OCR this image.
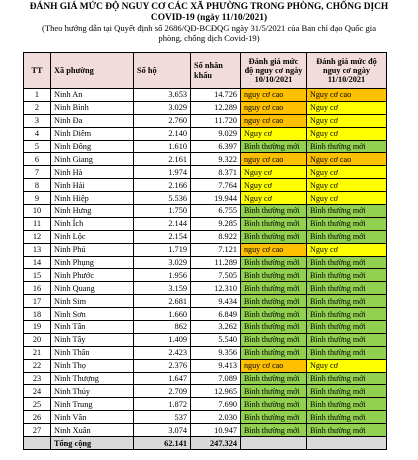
ĐÁNH GIÁ MỨC ĐỘ NGUY CƠ CÁC XÃ PHƯỜNG TRONG PHÒNG, CHỐNG DỊCH
COVID-19 (ngày 11/10/2021)
(Theo hướng dẫn tại Quyết định số 2686/QĐ-BCĐQG ngày 31/5/2021 của Ban chỉ đạo Quốc gia
phòng, chống dịch Covid-19)
TT	Xã phường	Số hộ	Số nhân khẩu	Đánh giá mức độ nguy cơ ngày 10/10/2021	Đánh giá mức độ nguy cơ ngày 11/10/2021
1	Ninh An	3.653	14.726	nguy cơ cao	Nguy cơ cao
2	Ninh Bình	3.029	12.289	nguy cơ cao	Nguy cơ
3	Ninh Đa	2.760	11.720	nguy cơ cao	Nguy cơ
4	Ninh Diêm	2.140	9.029	Nguy cơ	Nguy cơ
5	Ninh Đông	1.610	6.397	Bình thường mới	Bình thường mới
6	Ninh Giang	2.161	9.322	nguy cơ cao	Nguy cơ cao
7	Ninh Hà	1.974	8.371	Nguy cơ	Nguy cơ
8	Ninh Hải	2.166	7.764	Nguy cơ	Nguy cơ
9	Ninh Hiệp	5.536	19.944	Nguy cơ	Nguy cơ
10	Ninh Hưng	1.750	6.755	Bình thường mới	Bình thường mới
11	Ninh Ích	2.144	9.285	Bình thường mới	Bình thường mới
12	Ninh Lộc	2.154	8.922	Bình thường mới	Bình thường mới
13	Ninh Phú	1.719	7.121	nguy cơ cao	Nguy cơ
14	Ninh Phụng	3.029	11.289	Bình thường mới	Bình thường mới
15	Ninh Phước	1.956	7.505	Bình thường mới	Bình thường mới
16	Ninh Quang	3.159	12.310	Bình thường mới	Bình thường mới
17	Ninh Sim	2.681	9.434	Bình thường mới	Bình thường mới
18	Ninh Sơn	1.660	6.849	Bình thường mới	Bình thường mới
19	Ninh Tân	862	3.262	Bình thường mới	Bình thường mới
20	Ninh Tây	1.409	5.540	Bình thường mới	Bình thường mới
21	Ninh Thân	2.423	9.356	Bình thường mới	Bình thường mới
22	Ninh Thọ	2.376	9.413	nguy cơ cao	Nguy cơ
23	Ninh Thượng	1.647	7.089	Bình thường mới	Bình thường mới
24	Ninh Thủy	2.709	12.965	Bình thường mới	Bình thường mới
25	Ninh Trung	1.872	7.690	Bình thường mới	Bình thường mới
26	Ninh Vân	537	2.030	Bình thường mới	Bình thường mới
27	Ninh Xuân	3.074	10.947	Bình thường mới	Bình thường mới
	Tổng cộng	62.141	247.324		
